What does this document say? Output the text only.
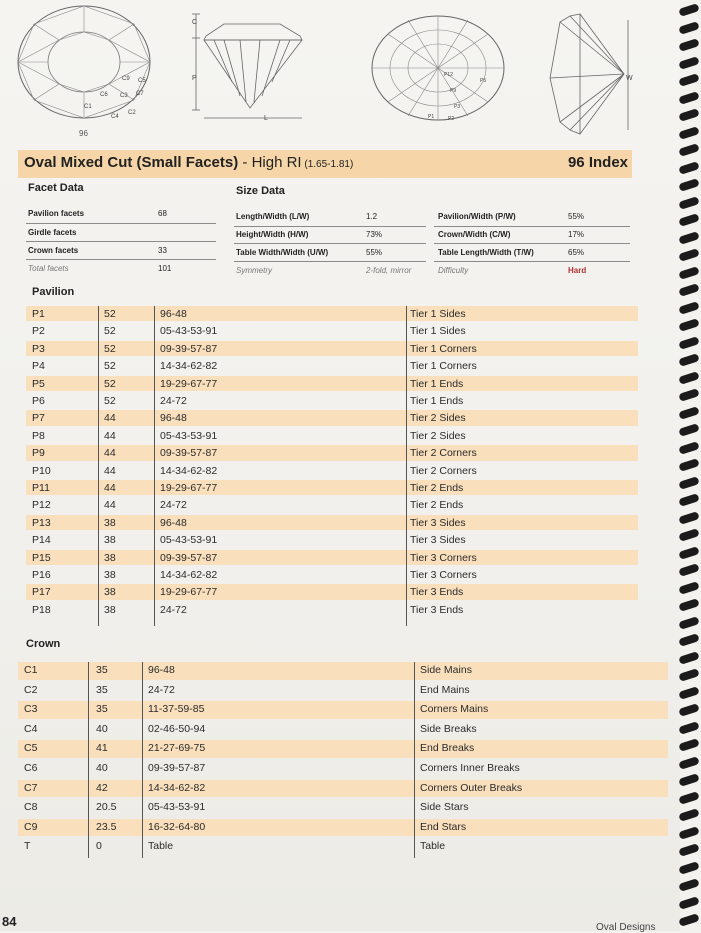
C9 C5
C6 C3 C7
C1
C4
C2
C
P
L
P12
P9
P5
P3
P2
P1
W
96
Oval Mixed Cut (Small Facets) - High RI (1.65-1.81)	96 Index
Facet Data	Size Data
Pavilion facets	68
Girdle facets
Crown facets	33
Total facets	101
Length/Width (L/W)	1.2
Height/Width (H/W)	73%
Table Width/Width (U/W)	55%
Symmetry	2-fold, mirror
Pavilion/Width (P/W)	55%
Crown/Width (C/W)	17%
Table Length/Width (T/W)	65%
Difficulty	Hard
Pavilion
P18	38	24-72	Tier 3 Ends
P17	38	19-29-67-77	Tier 3 Ends
P16	38	14-34-62-82	Tier 3 Corners
P15	38	09-39-57-87	Tier 3 Corners
P14	38	05-43-53-91	Tier 3 Sides
P13	38	96-48	Tier 3 Sides
P12	44	24-72	Tier 2 Ends
P11	44	19-29-67-77	Tier 2 Ends
P10	44	14-34-62-82	Tier 2 Corners
P9	44	09-39-57-87	Tier 2 Corners
P8	44	05-43-53-91	Tier 2 Sides
P7	44	96-48	Tier 2 Sides
P6	52	24-72	Tier 1 Ends
P5	52	19-29-67-77	Tier 1 Ends
P4	52	14-34-62-82	Tier 1 Corners
P3	52	09-39-57-87	Tier 1 Corners
P2	52	05-43-53-91	Tier 1 Sides
P1	52	96-48	Tier 1 Sides
Crown
T	0	Table	Table
C9	23.5	16-32-64-80	End Stars
C8	20.5	05-43-53-91	Side Stars
C7	42	14-34-62-82	Corners Outer Breaks
C6	40	09-39-57-87	Corners Inner Breaks
C5	41	21-27-69-75	End Breaks
C4	40	02-46-50-94	Side Breaks
C3	35	11-37-59-85	Corners Mains
C2	35	24-72	End Mains
C1	35	96-48	Side Mains
84	Oval Designs
